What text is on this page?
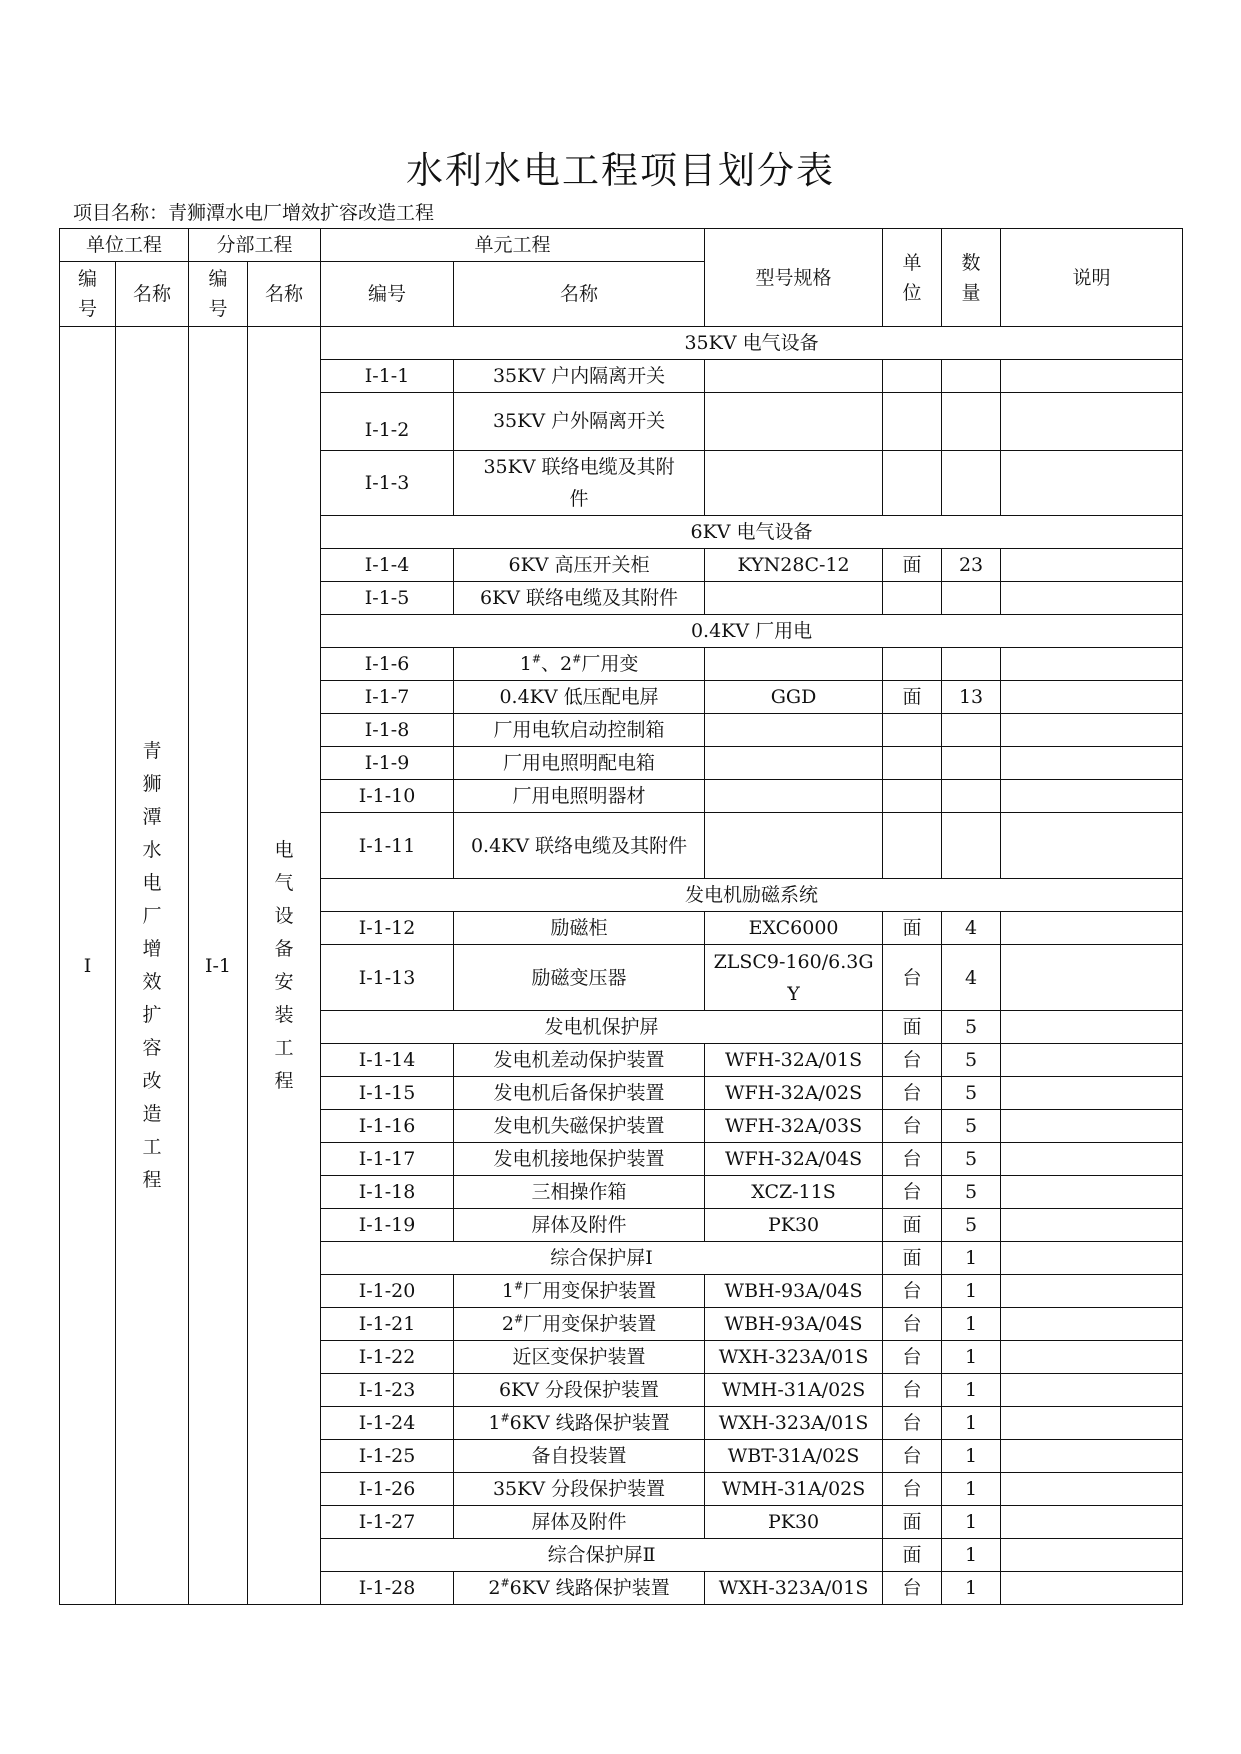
水利水电工程项目划分表
项目名称：青狮潭水电厂增效扩容改造工程
单位工程		分部工程		单元工程		型号规格	单位	数量	说明
编号	名称	编号	名称	编号	名称				
I	青狮潭水电厂增效扩容改造工程	I-1	电气设备安装工程	35KV 电气设备					
				I-1-1	35KV 户内隔离开关				
				I-1-2	35KV 户外隔离开关				
				I-1-3	35KV 联络电缆及其附件				
				6KV 电气设备					
				I-1-4	6KV 高压开关柜	KYN28C-12	面	23	
				I-1-5	6KV 联络电缆及其附件				
				0.4KV 厂用电					
				I-1-6	1#、2#厂用变				
				I-1-7	0.4KV 低压配电屏	GGD	面	13	
				I-1-8	厂用电软启动控制箱				
				I-1-9	厂用电照明配电箱				
				I-1-10	厂用电照明器材				
				I-1-11	0.4KV 联络电缆及其附件				
				发电机励磁系统					
				I-1-12	励磁柜	EXC6000	面	4	
				I-1-13	励磁变压器	ZLSC9-160/6.3GY	台	4	
				发电机保护屏			面	5	
				I-1-14	发电机差动保护装置	WFH-32A/01S	台	5	
				I-1-15	发电机后备保护装置	WFH-32A/02S	台	5	
				I-1-16	发电机失磁保护装置	WFH-32A/03S	台	5	
				I-1-17	发电机接地保护装置	WFH-32A/04S	台	5	
				I-1-18	三相操作箱	XCZ-11S	台	5	
				I-1-19	屏体及附件	PK30	面	5	
				综合保护屏Ⅰ			面	1	
				I-1-20	1#厂用变保护装置	WBH-93A/04S	台	1	
				I-1-21	2#厂用变保护装置	WBH-93A/04S	台	1	
				I-1-22	近区变保护装置	WXH-323A/01S	台	1	
				I-1-23	6KV 分段保护装置	WMH-31A/02S	台	1	
				I-1-24	1#6KV 线路保护装置	WXH-323A/01S	台	1	
				I-1-25	备自投装置	WBT-31A/02S	台	1	
				I-1-26	35KV 分段保护装置	WMH-31A/02S	台	1	
				I-1-27	屏体及附件	PK30	面	1	
				综合保护屏Ⅱ			面	1	
				I-1-28	2#6KV 线路保护装置	WXH-323A/01S	台	1	
